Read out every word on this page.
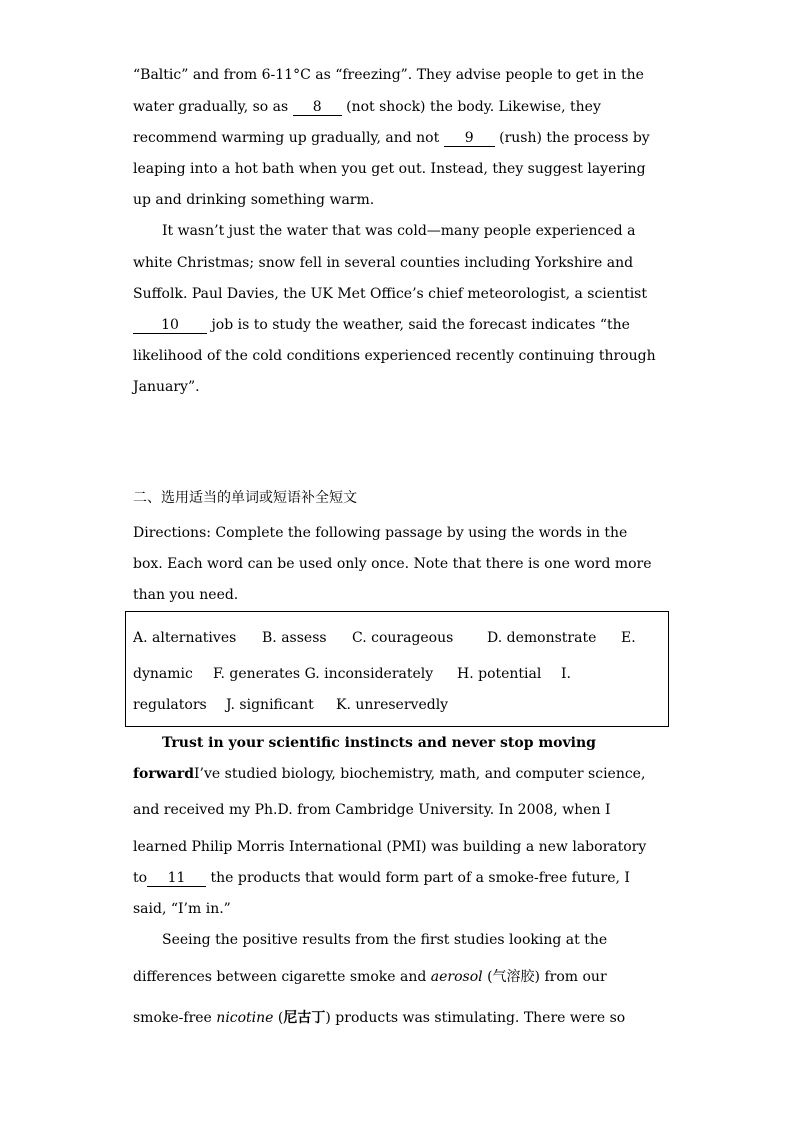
“Baltic” and from 6-11°C as “freezing”. They advise people to get in the
water gradually, so as 8 (not shock) the body. Likewise, they
recommend warming up gradually, and not 9 (rush) the process by
leaping into a hot bath when you get out. Instead, they suggest layering
up and drinking something warm.
It wasn’t just the water that was cold—many people experienced a
white Christmas; snow fell in several counties including Yorkshire and
Suffolk. Paul Davies, the UK Met Office’s chief meteorologist, a scientist
10 job is to study the weather, said the forecast indicates “the
likelihood of the cold conditions experienced recently continuing through
January”.
二、选用适当的单词或短语补全短文
Directions: Complete the following passage by using the words in the
box. Each word can be used only once. Note that there is one word more
than you need.
A. alternatives B. assess C. courageous D. demonstrate E.
dynamic F. generates G. inconsiderately H. potential I.
regulators J. significant K. unreservedly
Trust in your scientific instincts and never stop moving
forwardI’ve studied biology, biochemistry, math, and computer science,
and received my Ph.D. from Cambridge University. In 2008, when I
learned Philip Morris International (PMI) was building a new laboratory
to 11 the products that would form part of a smoke-free future, I
said, “I’m in.”
Seeing the positive results from the first studies looking at the
differences between cigarette smoke and aerosol (气溶胶) from our
smoke-free nicotine (尼古丁) products was stimulating. There were so
